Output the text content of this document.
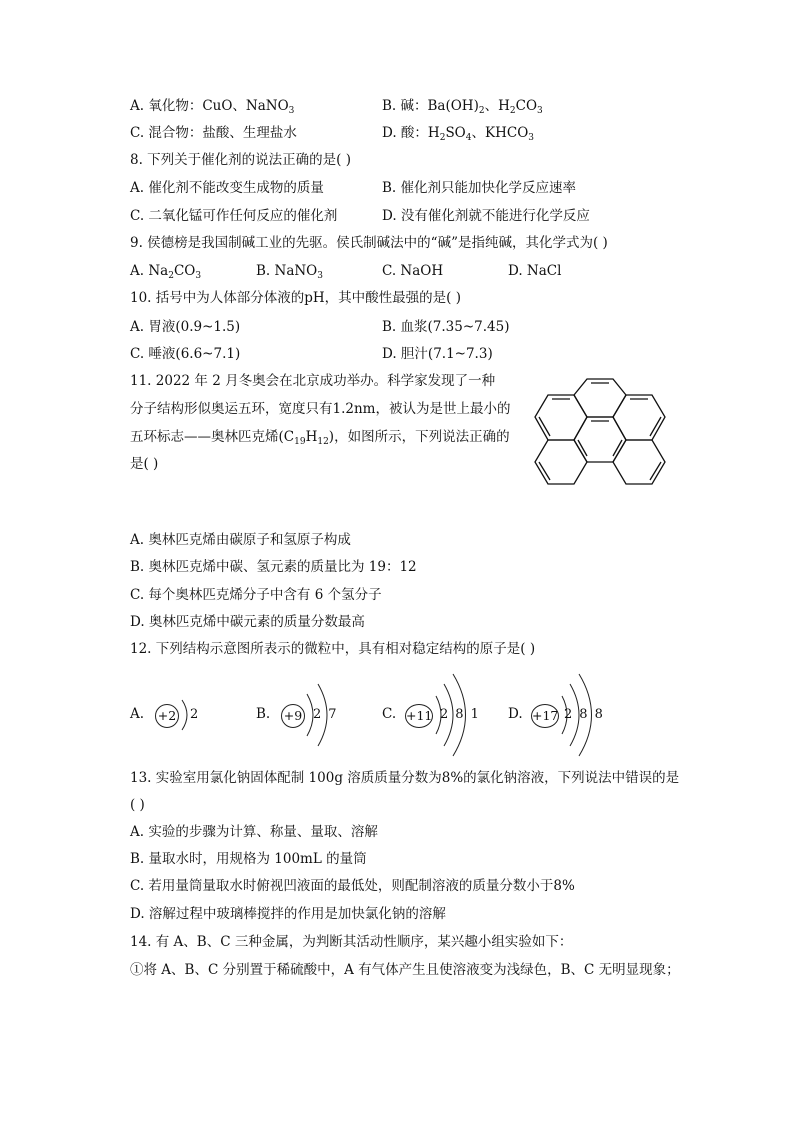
A. 氧化物：CuO、NaNO$_3$	B. 碱：$Ba(OH)_2$、$H_2CO_3$
C. 混合物：盐酸、生理盐水	D. 酸：$H_2SO_4$、$KHCO_3$
8. 下列关于催化剂的说法正确的是( )
A. 催化剂不能改变生成物的质量	B. 催化剂只能加快化学反应速率
C. 二氧化锰可作任何反应的催化剂	D. 没有催化剂就不能进行化学反应
9. 侯德榜是我国制碱工业的先驱。侯氏制碱法中的“碱”是指纯碱，其化学式为( )
A. $Na_2CO_3$	B. NaNO$_3$	C. NaOH	D. NaCl
10. 括号中为人体部分体液的pH，其中酸性最强的是( )
A. 胃液(0.9~1.5)	B. 血浆(7.35~7.45)
C. 唾液(6.6~7.1)	D. 胆汁(7.1~7.3)
11. 2022 年 2 月冬奥会在北京成功举办。科学家发现了一种
分子结构形似奥运五环，宽度只有1.2nm，被认为是世上最小的
五环标志——奥林匹克烯$(C_{19}H_{12})$，如图所示，下列说法正确的
是( )
A. 奥林匹克烯由碳原子和氢原子构成
B. 奥林匹克烯中碳、氢元素的质量比为 19：12
C. 每个奥林匹克烯分子中含有 6 个氢分子
D. 奥林匹克烯中碳元素的质量分数最高
12. 下列结构示意图所表示的微粒中，具有相对稳定结构的原子是( )
A. +2 2	B. +9 2 7	C. +11 2 8 1	D. +17 2 8 8
13. 实验室用氯化钠固体配制 100g 溶质质量分数为8%的氯化钠溶液，下列说法中错误的是
( )
A. 实验的步骤为计算、称量、量取、溶解
B. 量取水时，用规格为 100mL 的量筒
C. 若用量筒量取水时俯视凹液面的最低处，则配制溶液的质量分数小于8%
D. 溶解过程中玻璃棒搅拌的作用是加快氯化钠的溶解
14. 有 A、B、C 三种金属，为判断其活动性顺序，某兴趣小组实验如下：
①将 A、B、C 分别置于稀硫酸中，A 有气体产生且使溶液变为浅绿色，B、C 无明显现象；
